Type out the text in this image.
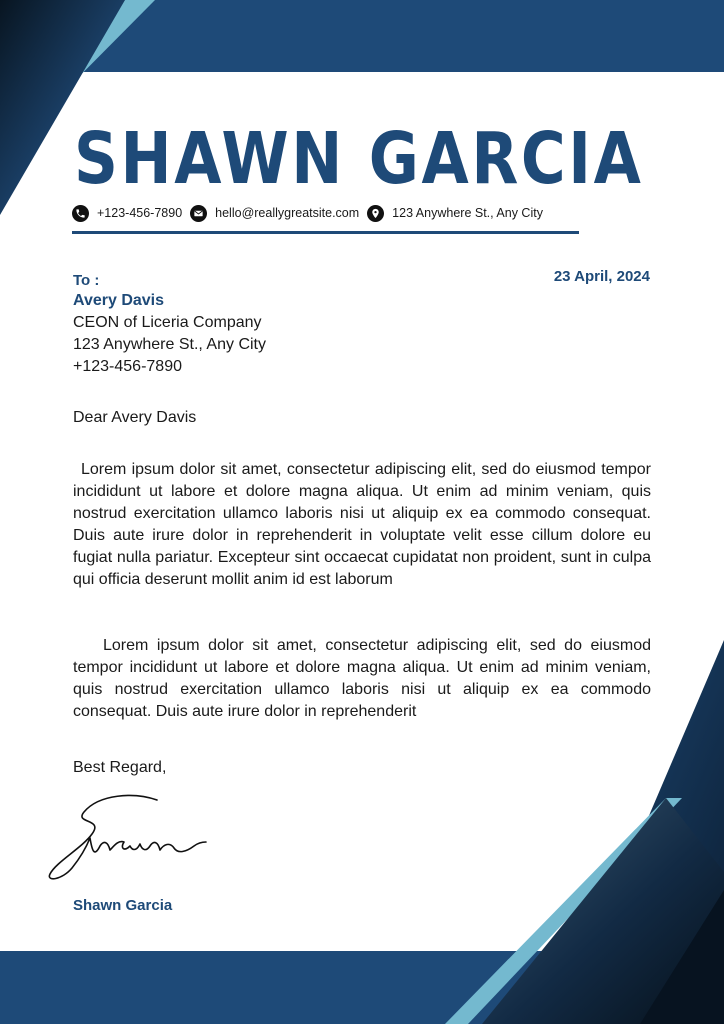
SHAWN GARCIA
+123-456-7890	hello@reallygreatsite.com	123 Anywhere St., Any City
23 April, 2024
To :
Avery Davis
CEON of Liceria Company
123 Anywhere St., Any City
+123-456-7890
Dear Avery Davis

Lorem ipsum dolor sit amet, consectetur adipiscing elit, sed do eiusmod tempor incididunt ut labore et dolore magna aliqua. Ut enim ad minim veniam, quis nostrud exercitation ullamco laboris nisi ut aliquip ex ea commodo consequat. Duis aute irure dolor in reprehenderit in voluptate velit esse cillum dolore eu fugiat nulla pariatur. Excepteur sint occaecat cupidatat non proident, sunt in culpa qui officia deserunt mollit anim id est laborum

Lorem ipsum dolor sit amet, consectetur adipiscing elit, sed do eiusmod tempor incididunt ut labore et dolore magna aliqua. Ut enim ad minim veniam, quis nostrud exercitation ullamco laboris nisi ut aliquip ex ea commodo consequat. Duis aute irure dolor in reprehenderit

Best Regard,
Shawn Garcia
